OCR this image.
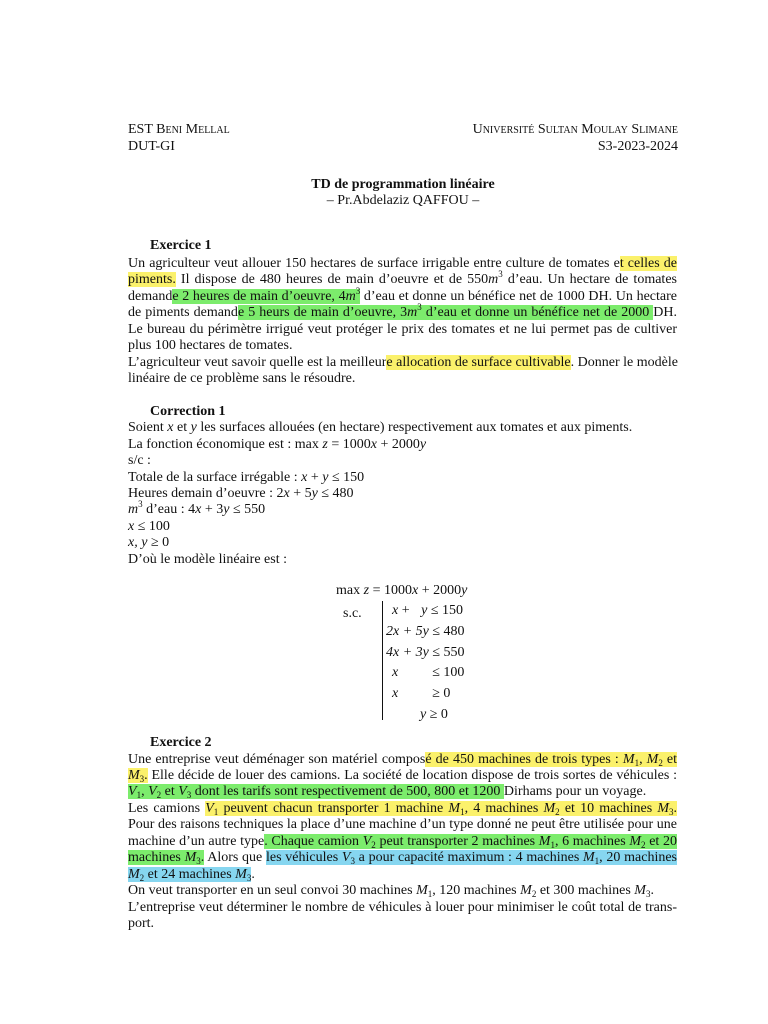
EST Beni Mellal
DUT-GI
Université Sultan Moulay Slimane
S3-2023-2024
TD de programmation linéaire
– Pr.Abdelaziz QAFFOU –
Exercice 1
Un agriculteur veut allouer 150 hectares de surface irrigable entre culture de tomates et celles de
piments. Il dispose de 480 heures de main d’oeuvre et de $550m^3$ d’eau. Un hectare de tomates
demande 2 heures de main d’oeuvre, $4m^3$ d’eau et donne un bénéfice net de 1000 DH. Un hectare
de piments demande 5 heurs de main d’oeuvre, $3m^3$ d’eau et donne un bénéfice net de 2000 DH.
Le bureau du périmètre irrigué veut protéger le prix des tomates et ne lui permet pas de cultiver
plus 100 hectares de tomates.
L’agriculteur veut savoir quelle est la meilleure allocation de surface cultivable. Donner le modèle
linéaire de ce problème sans le résoudre.
Correction 1
Soient x et y les surfaces allouées (en hectare) respectivement aux tomates et aux piments.
La fonction économique est : max z = 1000x + 2000y
s/c :
Totale de la surface irrégable : x + y ≤ 150
Heures demain d’oeuvre : 2x + 5y ≤ 480
$m^3$ d’eau : 4x + 3y ≤ 550
x ≤ 100
x, y ≥ 0
D’où le modèle linéaire est :
max z = 1000x + 2000y
s.c. x + y ≤ 150
2x + 5y ≤ 480
4x + 3y ≤ 550
x ≤ 100
x ≥ 0
y ≥ 0
Exercice 2
Une entreprise veut déménager son matériel composé de 450 machines de trois types : $M_1$, $M_2$ et
$M_3$. Elle décide de louer des camions. La société de location dispose de trois sortes de véhicules :
$V_1$, $V_2$ et $V_3$ dont les tarifs sont respectivement de 500, 800 et 1200 Dirhams pour un voyage.
Les camions $V_1$ peuvent chacun transporter 1 machine $M_1$, 4 machines $M_2$ et 10 machines $M_3$.
Pour des raisons techniques la place d’une machine d’un type donné ne peut être utilisée pour une
machine d’un autre type. Chaque camion $V_2$ peut transporter 2 machines $M_1$, 6 machines $M_2$ et 20
machines $M_3$. Alors que les véhicules $V_3$ a pour capacité maximum : 4 machines $M_1$, 20 machines
$M_2$ et 24 machines $M_3$.
On veut transporter en un seul convoi 30 machines $M_1$, 120 machines $M_2$ et 300 machines $M_3$.
L’entreprise veut déterminer le nombre de véhicules à louer pour minimiser le coût total de trans-
port.
